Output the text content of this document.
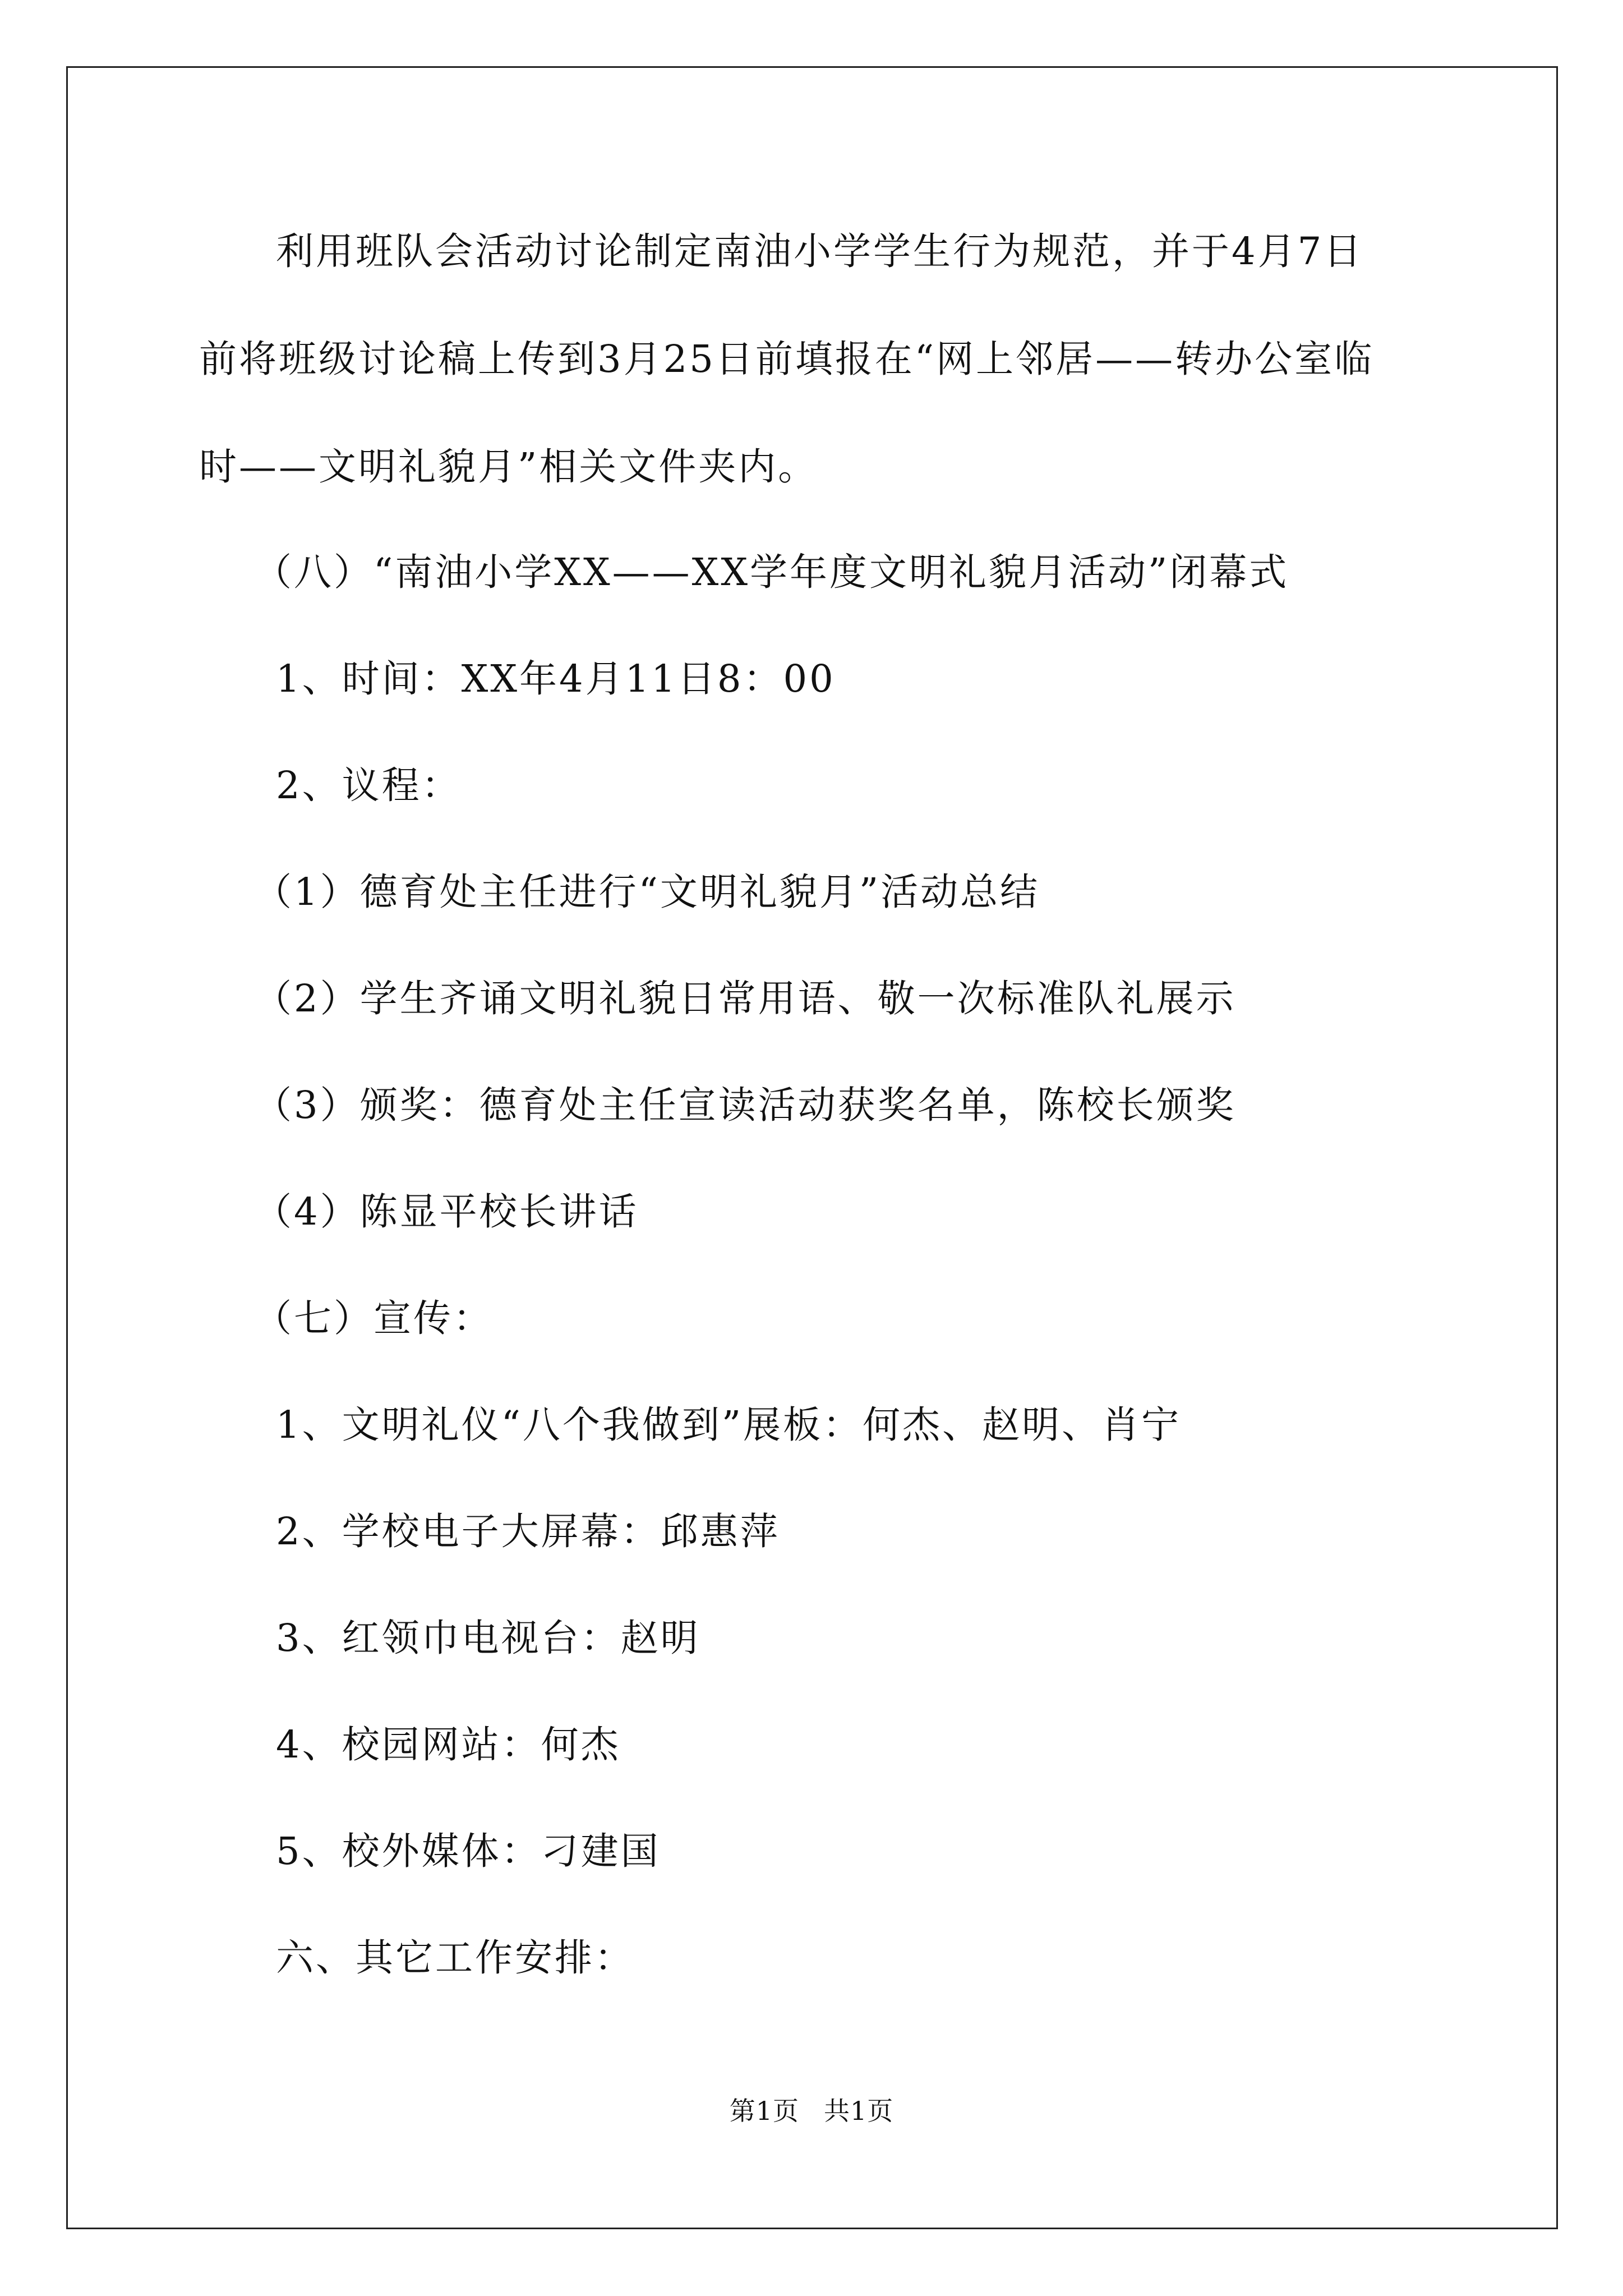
利用班队会活动讨论制定南油小学学生行为规范，并于4月7日
前将班级讨论稿上传到3月25日前填报在“网上邻居——转办公室临
时——文明礼貌月”相关文件夹内。
（八）“南油小学XX——XX学年度文明礼貌月活动”闭幕式
1、时间：XX年4月11日8：00
2、议程：
（1）德育处主任进行“文明礼貌月”活动总结
（2）学生齐诵文明礼貌日常用语、敬一次标准队礼展示
（3）颁奖：德育处主任宣读活动获奖名单，陈校长颁奖
（4）陈显平校长讲话
（七）宣传：
1、文明礼仪“八个我做到”展板：何杰、赵明、肖宁
2、学校电子大屏幕：邱惠萍
3、红领巾电视台：赵明
4、校园网站：何杰
5、校外媒体：刁建国
六、其它工作安排：
第1页 共1页
